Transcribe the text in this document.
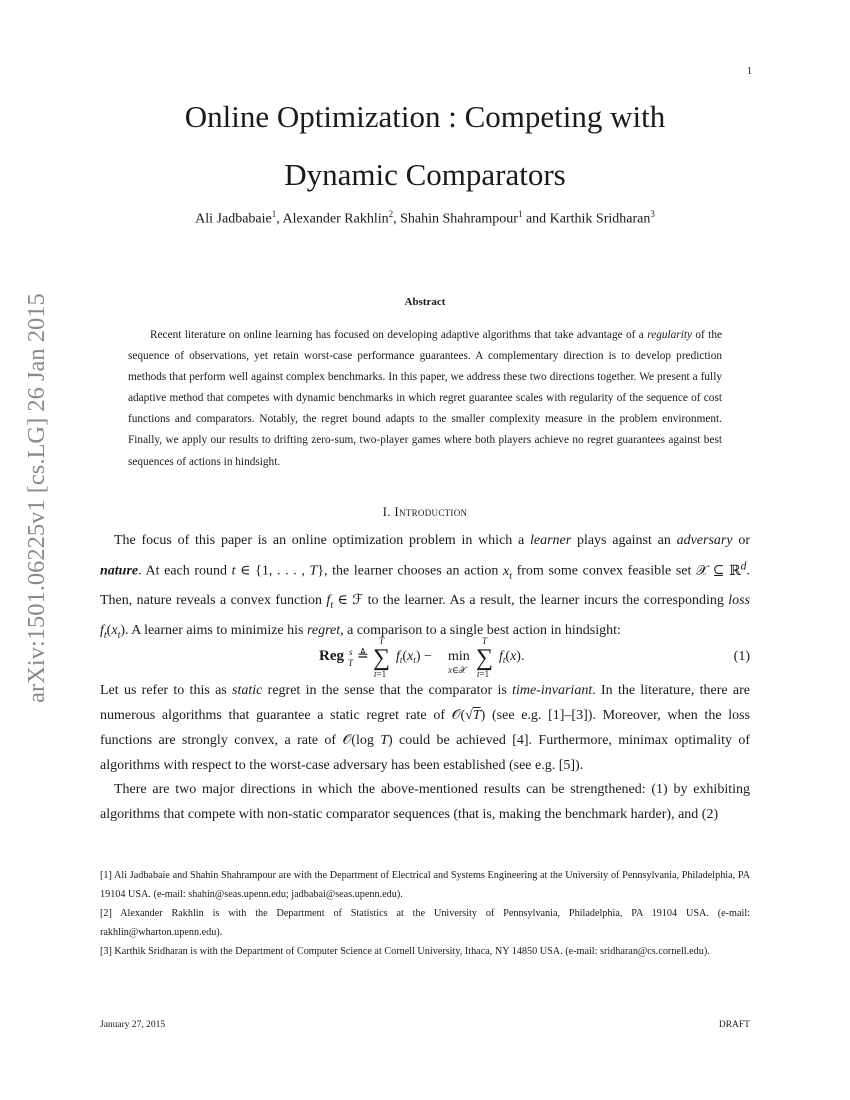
1
arXiv:1501.06225v1 [cs.LG] 26 Jan 2015
Online Optimization : Competing with
Dynamic Comparators
Ali Jadbabaie$^1$, Alexander Rakhlin$^2$, Shahin Shahrampour$^1$ and Karthik Sridharan$^3$
Abstract
Recent literature on online learning has focused on developing adaptive algorithms that take advantage of a regularity of the sequence of observations, yet retain worst-case performance guarantees. A complementary direction is to develop prediction methods that perform well against complex benchmarks. In this paper, we address these two directions together. We present a fully adaptive method that competes with dynamic benchmarks in which regret guarantee scales with regularity of the sequence of cost functions and comparators. Notably, the regret bound adapts to the smaller complexity measure in the problem environment. Finally, we apply our results to drifting zero-sum, two-player games where both players achieve no regret guarantees against best sequences of actions in hindsight.
I. Introduction
The focus of this paper is an online optimization problem in which a learner plays against an adversary or nature. At each round t ∈ {1, . . . , T}, the learner chooses an action $x_t$ from some convex feasible set 𝒳 ⊆ ℝ$^d$. Then, nature reveals a convex function $f_t$ ∈ ℱ to the learner. As a result, the learner incurs the corresponding loss $f_t(x_t)$. A learner aims to minimize his regret, a comparison to a single best action in hindsight:
Reg s
T ≜
T
∑
t=1
$f_t(x_t) - \min$
x∈𝒳
T
∑
t=1
$f_t(x)$.	(1)
Let us refer to this as static regret in the sense that the comparator is time-invariant. In the literature, there are numerous algorithms that guarantee a static regret rate of 𝒪(√T) (see e.g. [1]–[3]). Moreover, when the loss functions are strongly convex, a rate of 𝒪(log T) could be achieved [4]. Furthermore, minimax optimality of algorithms with respect to the worst-case adversary has been established (see e.g. [5]).
There are two major directions in which the above-mentioned results can be strengthened: (1) by exhibiting algorithms that compete with non-static comparator sequences (that is, making the benchmark harder), and (2)

[1] Ali Jadbabaie and Shahin Shahrampour are with the Department of Electrical and Systems Engineering at the University of Pennsylvania, Philadelphia, PA 19104 USA. (e-mail: shahin@seas.upenn.edu; jadbabai@seas.upenn.edu).

[2] Alexander Rakhlin is with the Department of Statistics at the University of Pennsylvania, Philadelphia, PA 19104 USA. (e-mail: rakhlin@wharton.upenn.edu).

[3] Karthik Sridharan is with the Department of Computer Science at Cornell University, Ithaca, NY 14850 USA. (e-mail: sridharan@cs.cornell.edu).

January 27, 2015	DRAFT
